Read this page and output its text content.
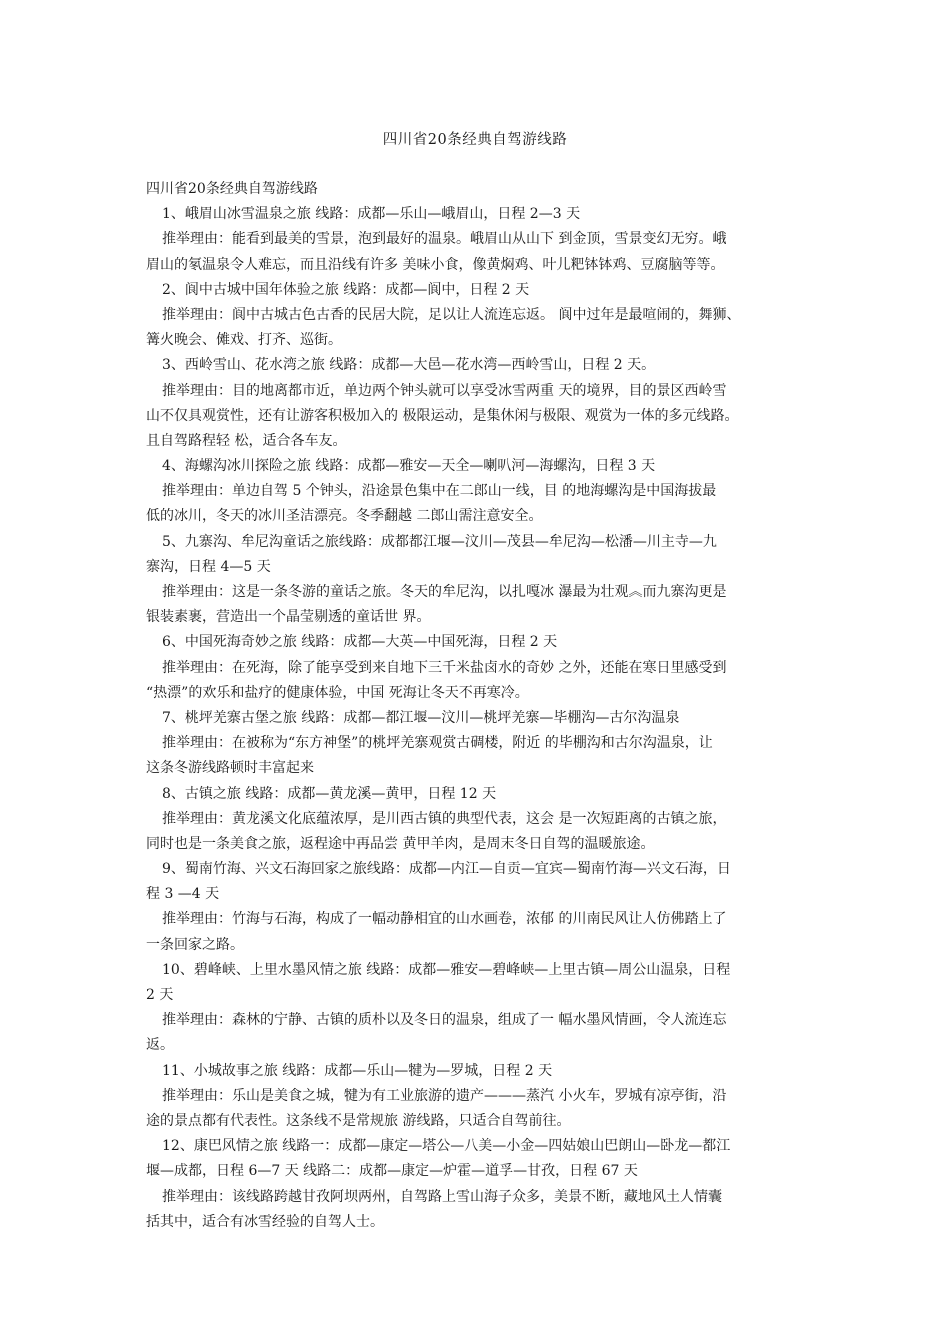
四川省20条经典自驾游线路
四川省20条经典自驾游线路
1、峨眉山冰雪温泉之旅 线路：成都—乐山—峨眉山，日程 2—3 天
推举理由：能看到最美的雪景，泡到最好的温泉。峨眉山从山下 到金顶，雪景变幻无穷。峨
眉山的氡温泉令人难忘，而且沿线有许多 美味小食，像黄焖鸡、叶儿粑钵钵鸡、豆腐脑等等。
2、阆中古城中国年体验之旅 线路：成都—阆中，日程 2 天
推举理由：阆中古城古色古香的民居大院，足以让人流连忘返。 阆中过年是最喧闹的，舞狮、
篝火晚会、傩戏、打齐、巡街。
3、西岭雪山、花水湾之旅 线路：成都—大邑—花水湾—西岭雪山，日程 2 天。
推举理由：目的地离都市近，单边两个钟头就可以享受冰雪两重 天的境界，目的景区西岭雪
山不仅具观赏性，还有让游客积极加入的 极限运动，是集休闲与极限、观赏为一体的多元线路。
且自驾路程轻 松，适合各车友。
4、海螺沟冰川探险之旅 线路：成都—雅安—天全—喇叭河—海螺沟，日程 3 天
推举理由：单边自驾 5 个钟头，沿途景色集中在二郎山一线，目 的地海螺沟是中国海拔最
低的冰川，冬天的冰川圣洁漂亮。冬季翻越 二郎山需注意安全。
5、九寨沟、牟尼沟童话之旅线路：成都都江堰—汶川—茂县—牟尼沟—松潘—川主寺—九
寨沟，日程 4—5 天
推举理由：这是一条冬游的童话之旅。冬天的牟尼沟，以扎嘎冰 瀑最为壮观︽而九寨沟更是
银装素裹，营造出一个晶莹剔透的童话世 界。
6、中国死海奇妙之旅 线路：成都—大英—中国死海，日程 2 天
推举理由：在死海，除了能享受到来自地下三千米盐卤水的奇妙 之外，还能在寒日里感受到
“热漂”的欢乐和盐疗的健康体验，中国 死海让冬天不再寒冷。
7、桃坪羌寨古堡之旅 线路：成都—都江堰—汶川—桃坪羌寨—毕棚沟—古尔沟温泉
推举理由：在被称为“东方神堡”的桃坪羌寨观赏古碉楼，附近 的毕棚沟和古尔沟温泉，让
这条冬游线路顿时丰富起来
8、古镇之旅 线路：成都—黄龙溪—黄甲，日程 12 天
推举理由：黄龙溪文化底蕴浓厚，是川西古镇的典型代表，这会 是一次短距离的古镇之旅，
同时也是一条美食之旅，返程途中再品尝 黄甲羊肉，是周末冬日自驾的温暖旅途。
9、蜀南竹海、兴文石海回家之旅线路：成都—内江—自贡—宜宾—蜀南竹海—兴文石海，日
程 3 —4 天
推举理由：竹海与石海，构成了一幅动静相宜的山水画卷，浓郁 的川南民风让人仿佛踏上了
一条回家之路。
10、碧峰峡、上里水墨风情之旅 线路：成都—雅安—碧峰峡—上里古镇—周公山温泉，日程
2 天
推举理由：森林的宁静、古镇的质朴以及冬日的温泉，组成了一 幅水墨风情画，令人流连忘
返。
11、小城故事之旅 线路：成都—乐山—犍为—罗城，日程 2 天
推举理由：乐山是美食之城，犍为有工业旅游的遗产———蒸汽 小火车，罗城有凉亭街，沿
途的景点都有代表性。这条线不是常规旅 游线路，只适合自驾前往。
12、康巴风情之旅 线路一：成都—康定—塔公—八美—小金—四姑娘山巴朗山—卧龙—都江
堰—成都，日程 6—7 天 线路二：成都—康定—炉霍—道孚—甘孜，日程 67 天
推举理由：该线路跨越甘孜阿坝两州，自驾路上雪山海子众多，美景不断，藏地风土人情囊
括其中，适合有冰雪经验的自驾人士。
